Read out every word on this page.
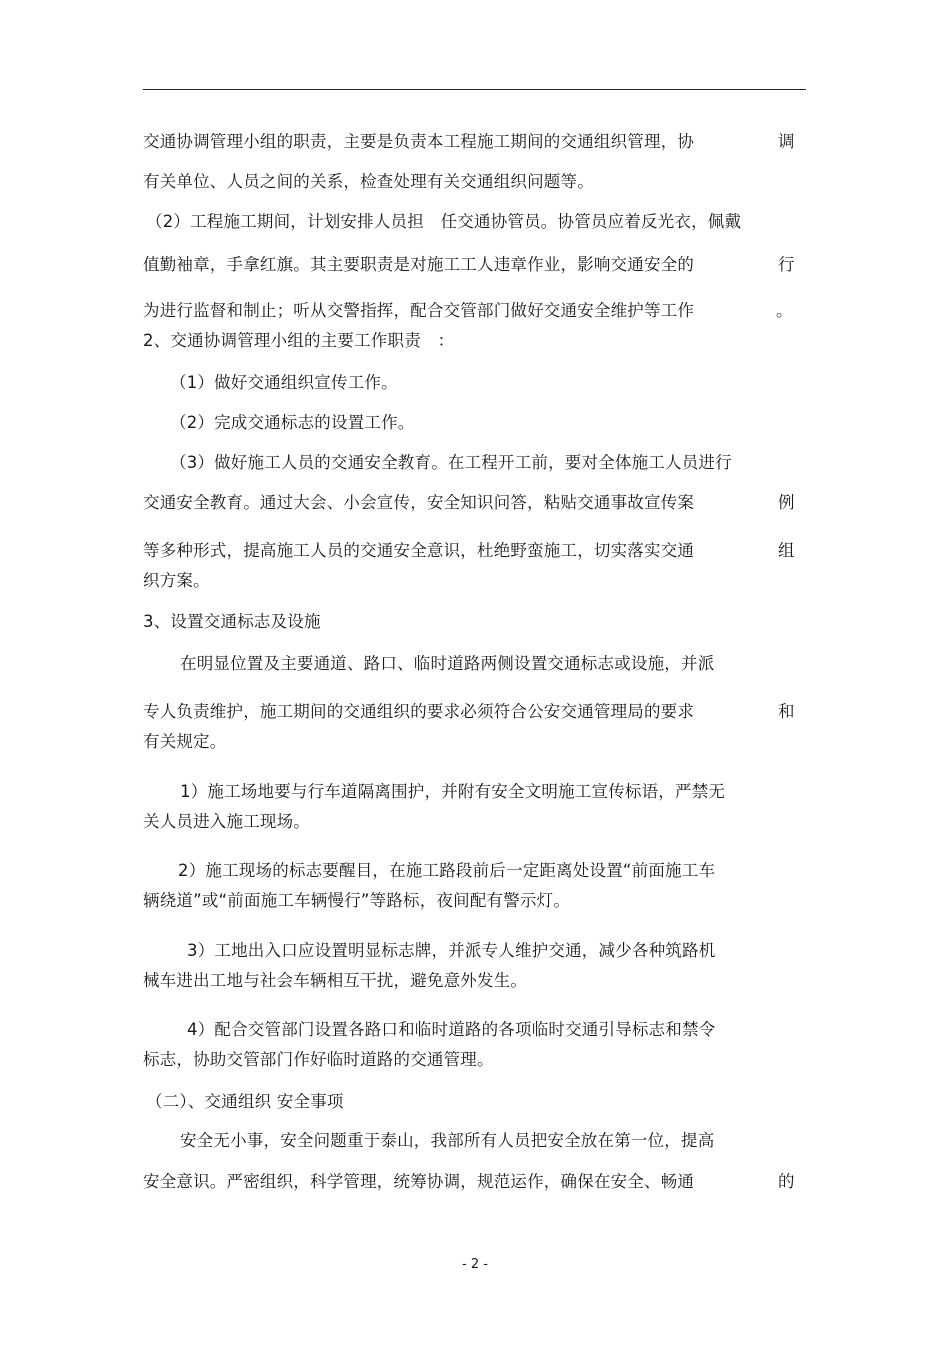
交通协调管理小组的职责，主要是负责本工程施工期间的交通组织管理，协	调
有关单位、人员之间的关系，检查处理有关交通组织问题等。
（2）工程施工期间，计划安排人员担　任交通协管员。协管员应着反光衣，佩戴
值勤袖章，手拿红旗。其主要职责是对施工工人违章作业，影响交通安全的	行
为进行监督和制止；听从交警指挥，配合交管部门做好交通安全维护等工作	。
2、交通协调管理小组的主要工作职责　：
（1）做好交通组织宣传工作。
（2）完成交通标志的设置工作。
（3）做好施工人员的交通安全教育。在工程开工前，要对全体施工人员进行
交通安全教育。通过大会、小会宣传，安全知识问答，粘贴交通事故宣传案	例
等多种形式，提高施工人员的交通安全意识，杜绝野蛮施工，切实落实交通	组
织方案。
3、设置交通标志及设施
在明显位置及主要通道、路口、临时道路两侧设置交通标志或设施，并派
专人负责维护，施工期间的交通组织的要求必须符合公安交通管理局的要求	和
有关规定。
1）施工场地要与行车道隔离围护，并附有安全文明施工宣传标语，严禁无
关人员进入施工现场。
2）施工现场的标志要醒目，在施工路段前后一定距离处设置“前面施工车
辆绕道”或“前面施工车辆慢行”等路标，夜间配有警示灯。
3）工地出入口应设置明显标志牌，并派专人维护交通，减少各种筑路机
械车进出工地与社会车辆相互干扰，避免意外发生。
4）配合交管部门设置各路口和临时道路的各项临时交通引导标志和禁令
标志，协助交管部门作好临时道路的交通管理。
（二）、交通组织 安全事项
安全无小事，安全问题重于泰山，我部所有人员把安全放在第一位，提高
安全意识。严密组织，科学管理，统筹协调，规范运作，确保在安全、畅通	的
- 2 -
